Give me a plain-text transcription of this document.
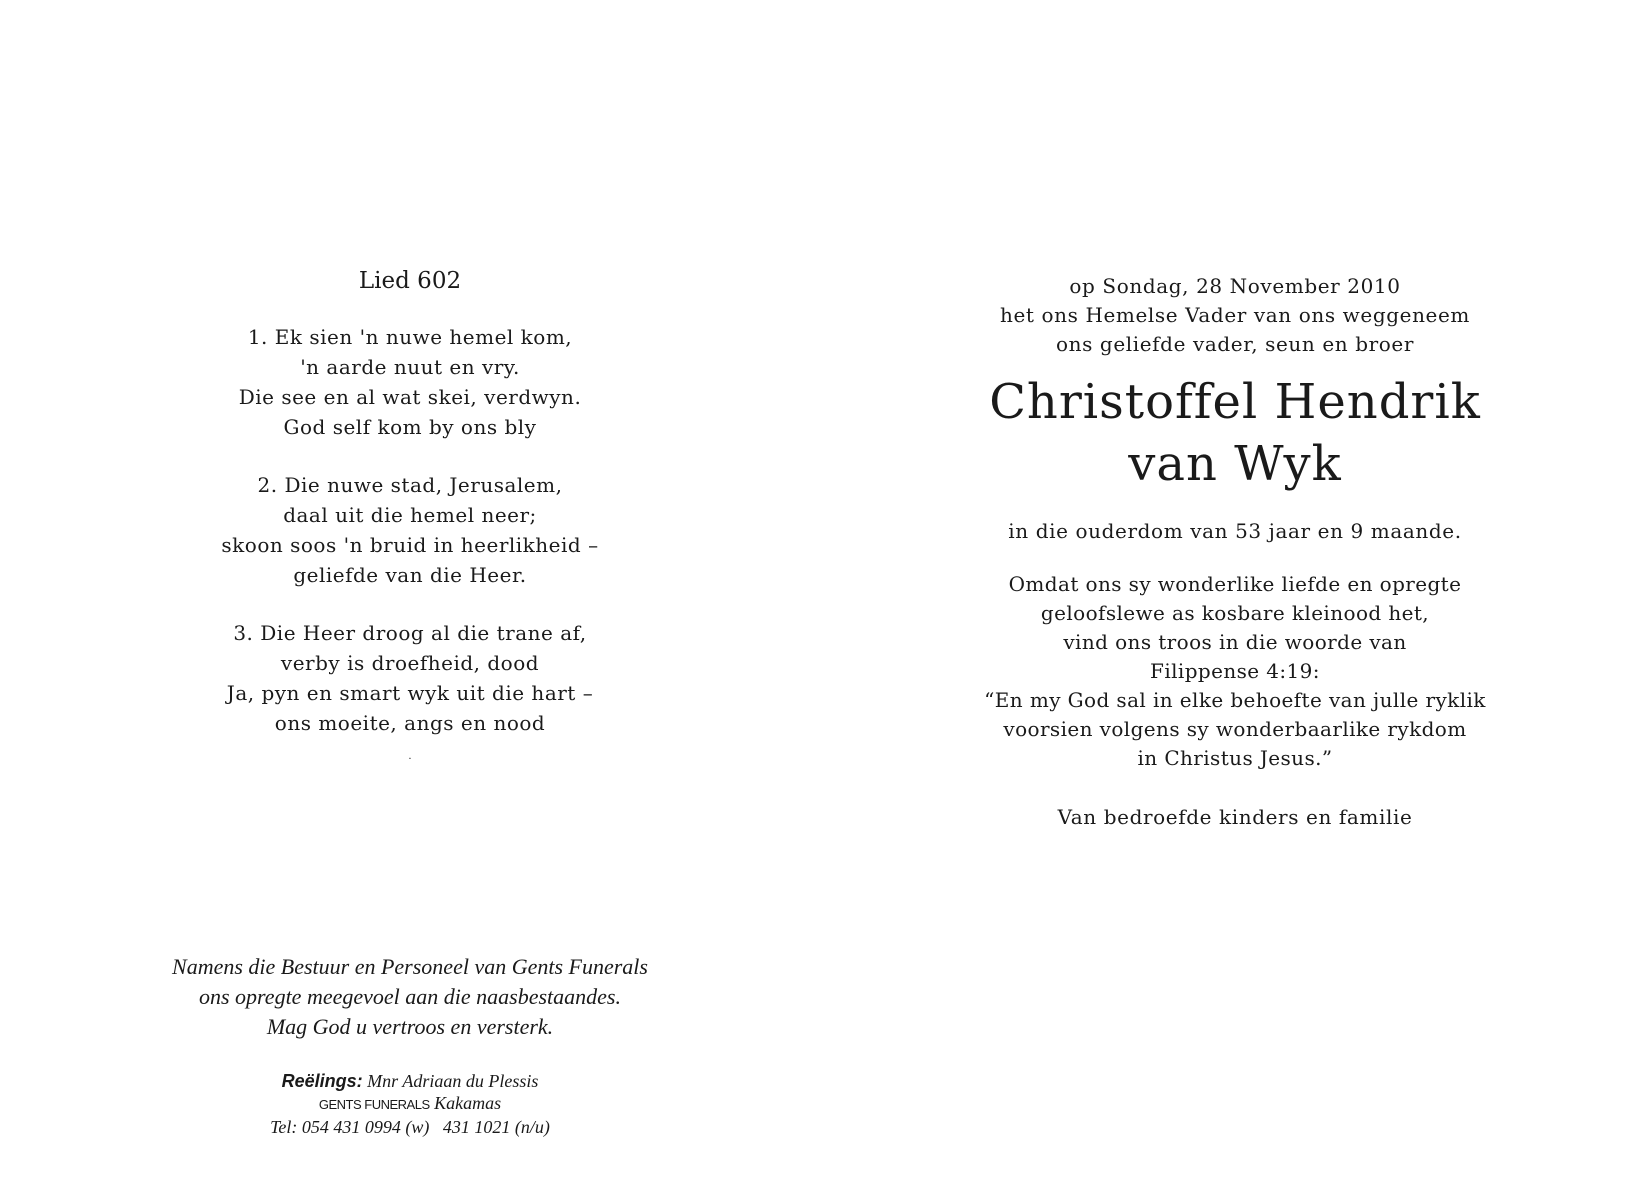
Lied 602
1. Ek sien 'n nuwe hemel kom,
'n aarde nuut en vry.
Die see en al wat skei, verdwyn.
God self kom by ons bly
2. Die nuwe stad, Jerusalem,
daal uit die hemel neer;
skoon soos 'n bruid in heerlikheid –
geliefde van die Heer.
3. Die Heer droog al die trane af,
verby is droefheid, dood
Ja, pyn en smart wyk uit die hart –
ons moeite, angs en nood
.
op Sondag, 28 November 2010
het ons Hemelse Vader van ons weggeneem
ons geliefde vader, seun en broer
Christoffel Hendrik
van Wyk
in die ouderdom van 53 jaar en 9 maande.
Omdat ons sy wonderlike liefde en opregte
geloofslewe as kosbare kleinood het,
vind ons troos in die woorde van
Filippense 4:19:
“En my God sal in elke behoefte van julle ryklik
voorsien volgens sy wonderbaarlike rykdom
in Christus Jesus.”
Van bedroefde kinders en familie
Namens die Bestuur en Personeel van Gents Funerals
ons opregte meegevoel aan die naasbestaandes.
Mag God u vertroos en versterk.
Reëlings: Mnr Adriaan du Plessis
GENTS FUNERALS Kakamas
Tel: 054 431 0994 (w)   431 1021 (n/u)
